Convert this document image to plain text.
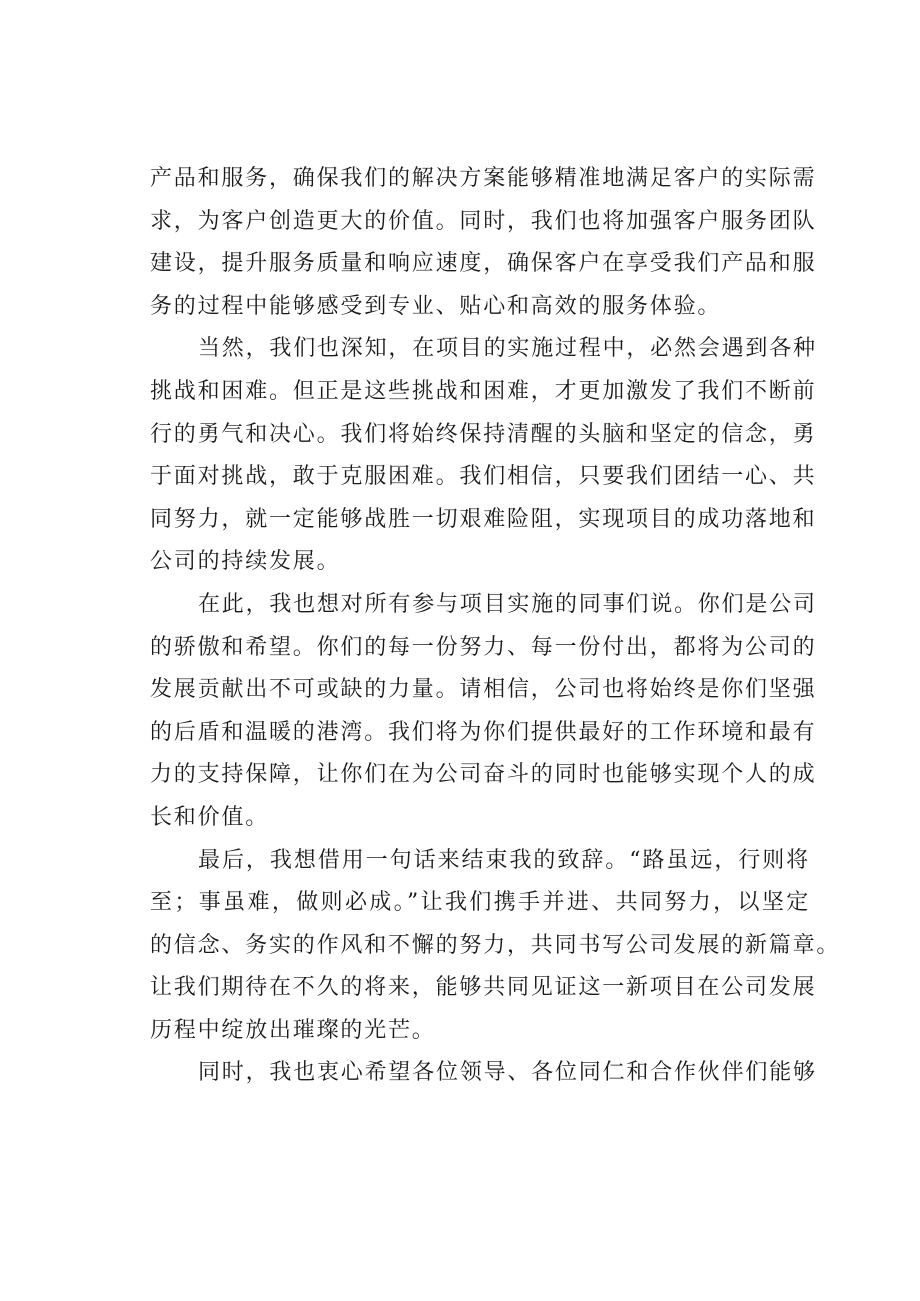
产品和服务，确保我们的解决方案能够精准地满足客户的实际需
求，为客户创造更大的价值。同时，我们也将加强客户服务团队
建设，提升服务质量和响应速度，确保客户在享受我们产品和服
务的过程中能够感受到专业、贴心和高效的服务体验。
当然，我们也深知，在项目的实施过程中，必然会遇到各种
挑战和困难。但正是这些挑战和困难，才更加激发了我们不断前
行的勇气和决心。我们将始终保持清醒的头脑和坚定的信念，勇
于面对挑战，敢于克服困难。我们相信，只要我们团结一心、共
同努力，就一定能够战胜一切艰难险阻，实现项目的成功落地和
公司的持续发展。
在此，我也想对所有参与项目实施的同事们说。你们是公司
的骄傲和希望。你们的每一份努力、每一份付出，都将为公司的
发展贡献出不可或缺的力量。请相信，公司也将始终是你们坚强
的后盾和温暖的港湾。我们将为你们提供最好的工作环境和最有
力的支持保障，让你们在为公司奋斗的同时也能够实现个人的成
长和价值。
最后，我想借用一句话来结束我的致辞。“路虽远，行则将
至；事虽难，做则必成。”让我们携手并进、共同努力，以坚定
的信念、务实的作风和不懈的努力，共同书写公司发展的新篇章。
让我们期待在不久的将来，能够共同见证这一新项目在公司发展
历程中绽放出璀璨的光芒。
同时，我也衷心希望各位领导、各位同仁和合作伙伴们能够
